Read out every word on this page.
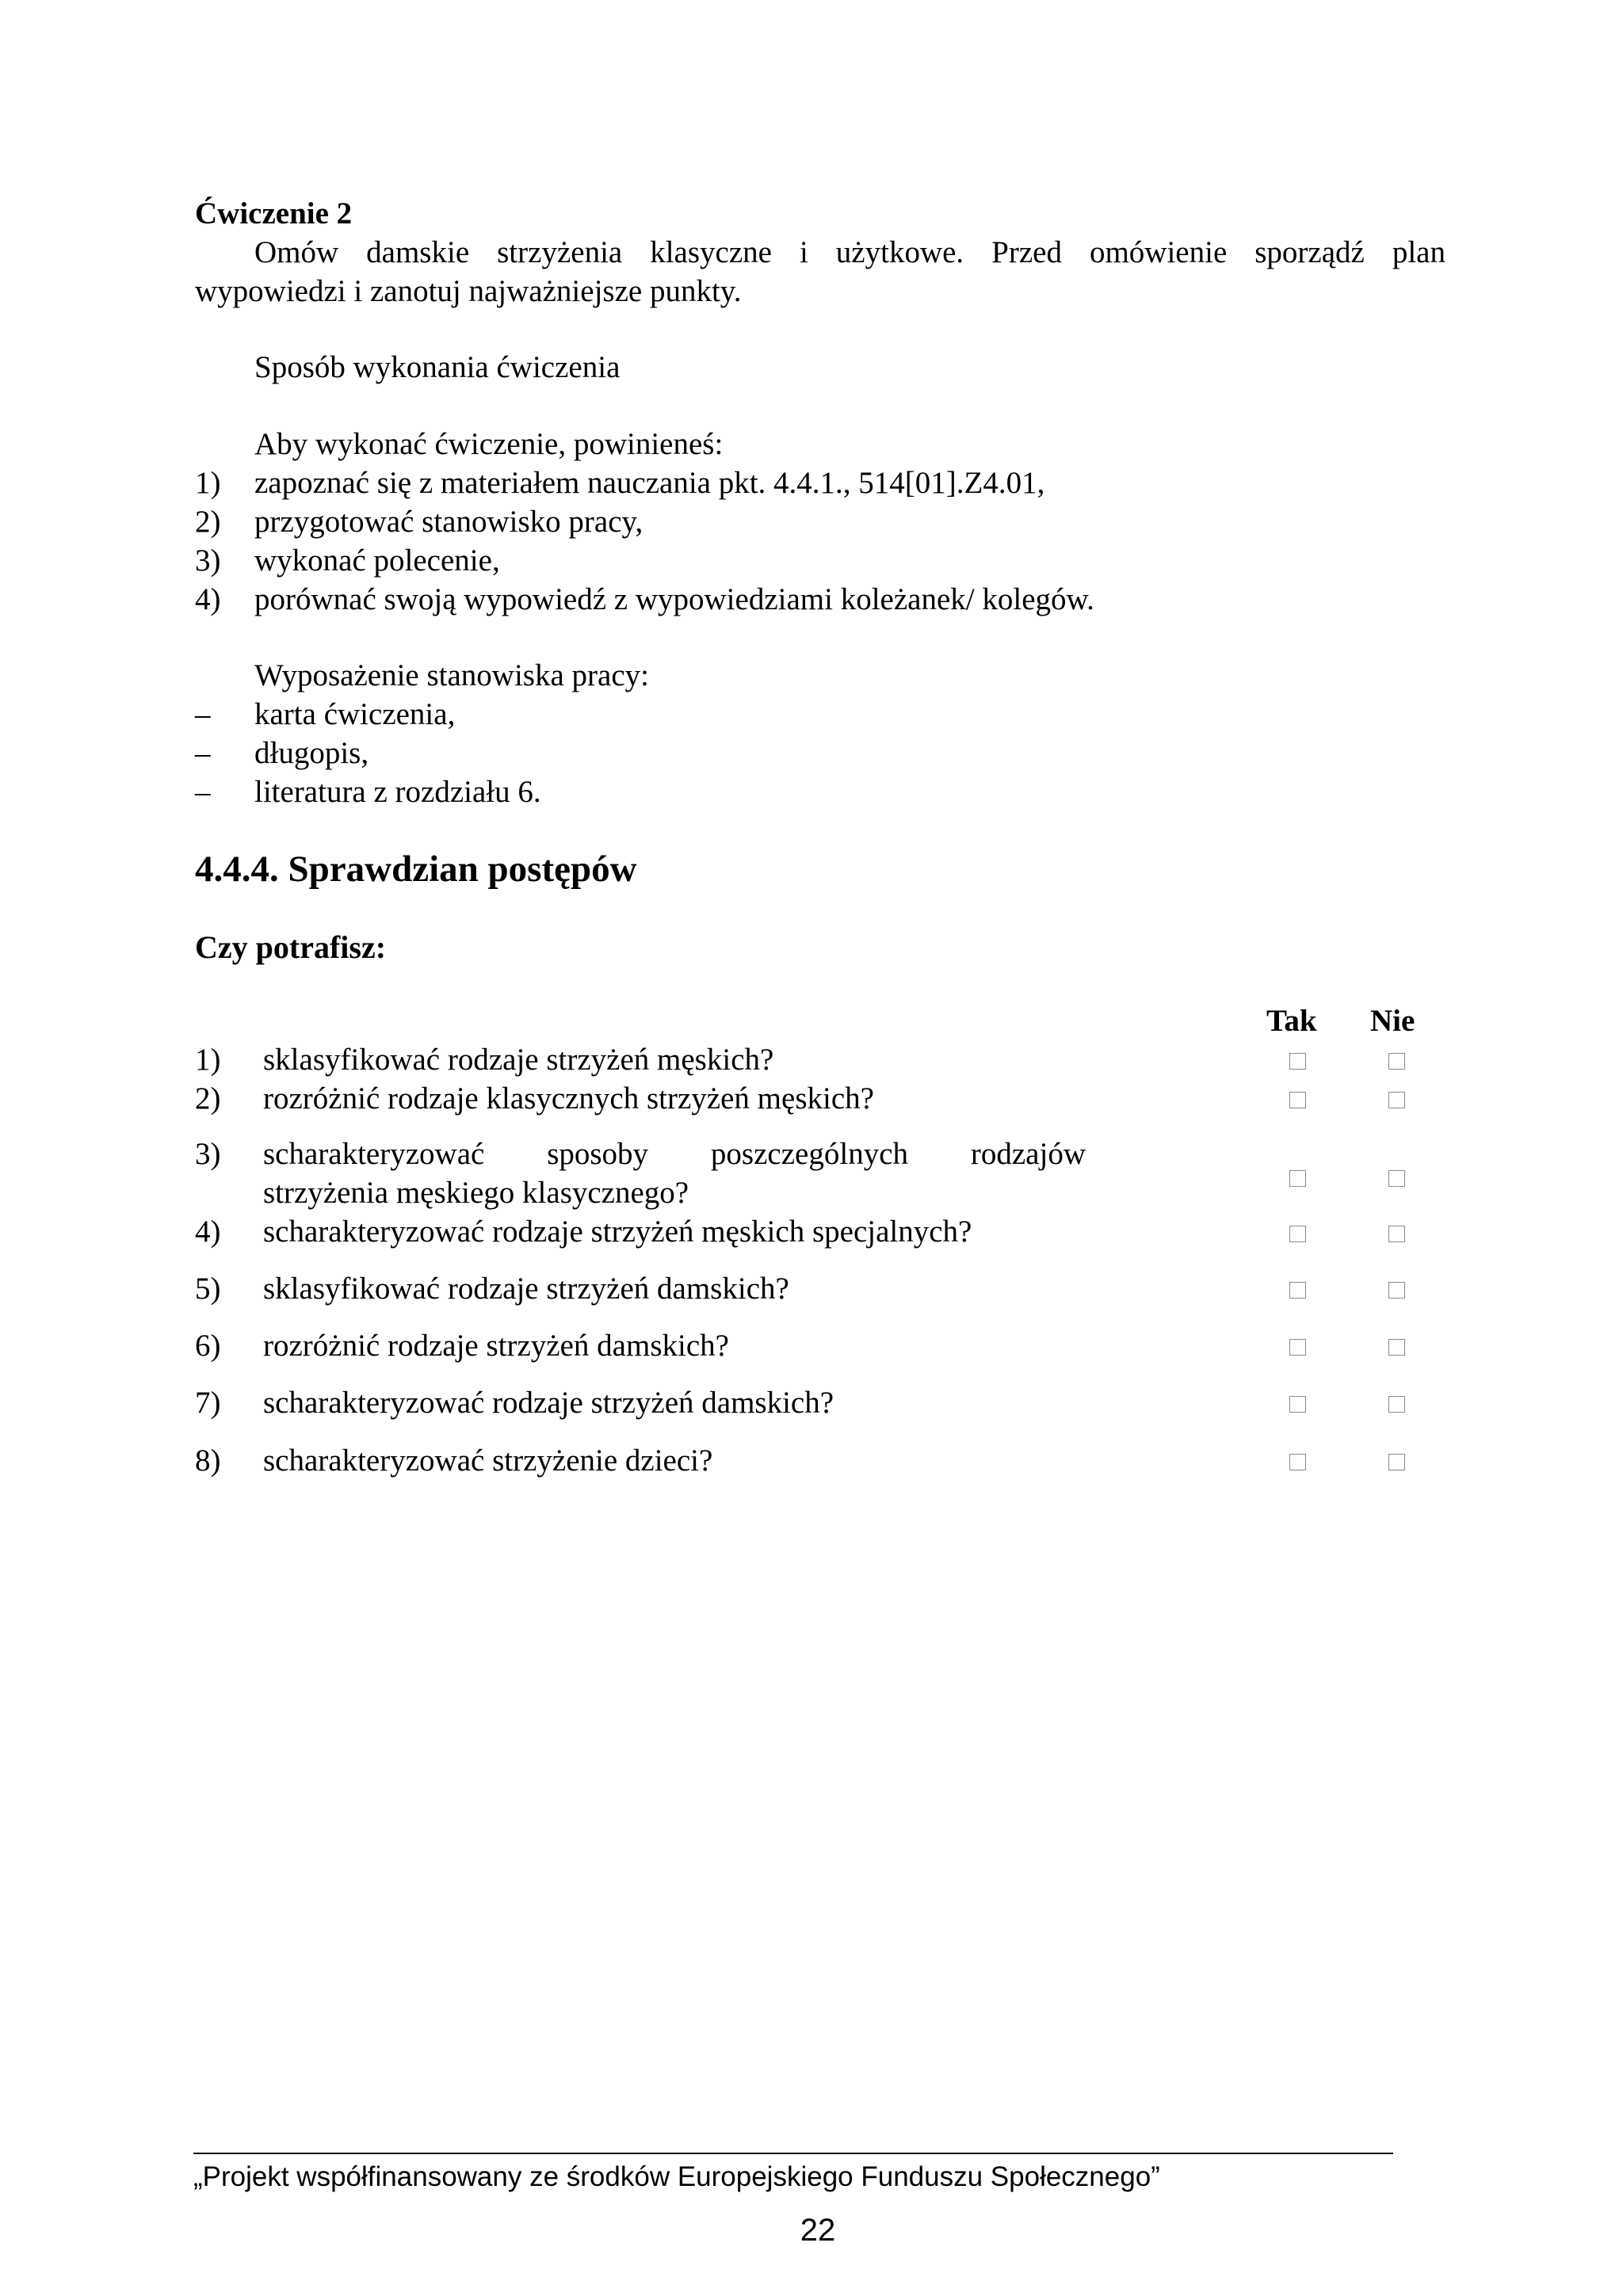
Ćwiczenie 2
Omów damskie strzyżenia klasyczne i użytkowe. Przed omówienie sporządź plan
wypowiedzi i zanotuj najważniejsze punkty.
Sposób wykonania ćwiczenia
Aby wykonać ćwiczenie, powinieneś:
1) zapoznać się z materiałem nauczania pkt. 4.4.1., 514[01].Z4.01,
2) przygotować stanowisko pracy,
3) wykonać polecenie,
4) porównać swoją wypowiedź z wypowiedziami koleżanek/ kolegów.
Wyposażenie stanowiska pracy:
– karta ćwiczenia,
– długopis,
– literatura z rozdziału 6.
4.4.4. Sprawdzian postępów
Czy potrafisz:
Tak Nie
1) sklasyfikować rodzaje strzyżeń męskich?
2) rozróżnić rodzaje klasycznych strzyżeń męskich?
3) scharakteryzować sposoby poszczególnych rodzajów
strzyżenia męskiego klasycznego?
4) scharakteryzować rodzaje strzyżeń męskich specjalnych?
5) sklasyfikować rodzaje strzyżeń damskich?
6) rozróżnić rodzaje strzyżeń damskich?
7) scharakteryzować rodzaje strzyżeń damskich?
8) scharakteryzować strzyżenie dzieci?
„Projekt współfinansowany ze środków Europejskiego Funduszu Społecznego”
22
